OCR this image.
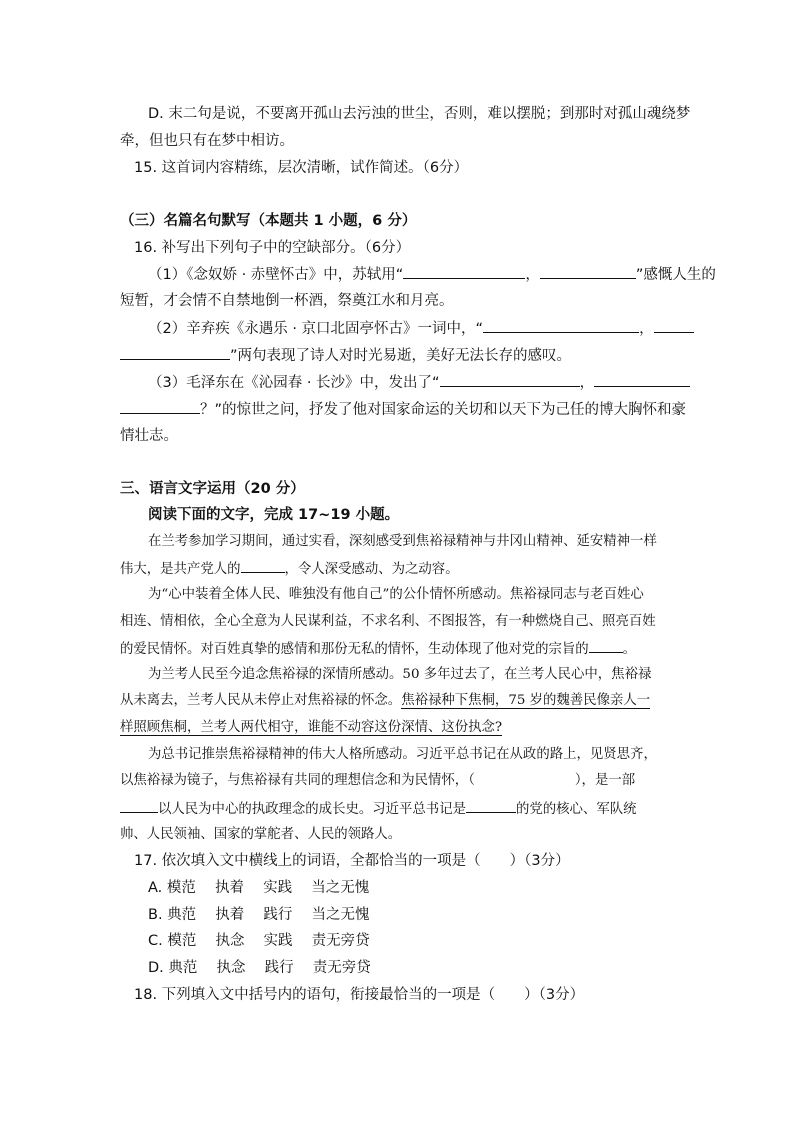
D. 末二句是说，不要离开孤山去污浊的世尘，否则，难以摆脱；到那时对孤山魂绕梦
牵，但也只有在梦中相访。
15. 这首词内容精练，层次清晰，试作简述。（6分）
（三）名篇名句默写（本题共 1 小题，6 分）
16. 补写出下列句子中的空缺部分。（6分）
（1）《念奴娇 · 赤壁怀古》中，苏轼用“	，	”感慨人生的
短暂，才会情不自禁地倒一杯酒，祭奠江水和月亮。
（2）辛弃疾《永遇乐 · 京口北固亭怀古》一词中，“	，
”两句表现了诗人对时光易逝，美好无法长存的感叹。
（3）毛泽东在《沁园春 · 长沙》中，发出了“	，
？”的惊世之问，抒发了他对国家命运的关切和以天下为己任的博大胸怀和豪
情壮志。
三、语言文字运用（20 分）
阅读下面的文字，完成 17~19 小题。
在兰考参加学习期间，通过实看，深刻感受到焦裕禄精神与井冈山精神、延安精神一样
伟大，是共产党人的	，令人深受感动、为之动容。
为“心中装着全体人民、唯独没有他自己”的公仆情怀所感动。焦裕禄同志与老百姓心
相连、情相依，全心全意为人民谋利益，不求名利、不图报答，有一种燃烧自己、照亮百姓
的爱民情怀。对百姓真挚的感情和那份无私的情怀，生动体现了他对党的宗旨的	。
为兰考人民至今追念焦裕禄的深情所感动。50 多年过去了，在兰考人民心中，焦裕禄
从未离去，兰考人民从未停止对焦裕禄的怀念。焦裕禄种下焦桐，75 岁的魏善民像亲人一
样照顾焦桐，兰考人两代相守，谁能不动容这份深情、这份执念?
为总书记推崇焦裕禄精神的伟大人格所感动。习近平总书记在从政的路上，见贤思齐，
以焦裕禄为镜子，与焦裕禄有共同的理想信念和为民情怀，（	），是一部
以人民为中心的执政理念的成长史。习近平总书记是	的党的核心、军队统
帅、人民领袖、国家的掌舵者、人民的领路人。
17. 依次填入文中横线上的词语，全都恰当的一项是（　　）（3分）
A. 模范　 执着　 实践　 当之无愧
B. 典范　 执着　 践行　 当之无愧
C. 模范　 执念　 实践　 责无旁贷
D. 典范　 执念　 践行　 责无旁贷
18. 下列填入文中括号内的语句，衔接最恰当的一项是（　　）（3分）
